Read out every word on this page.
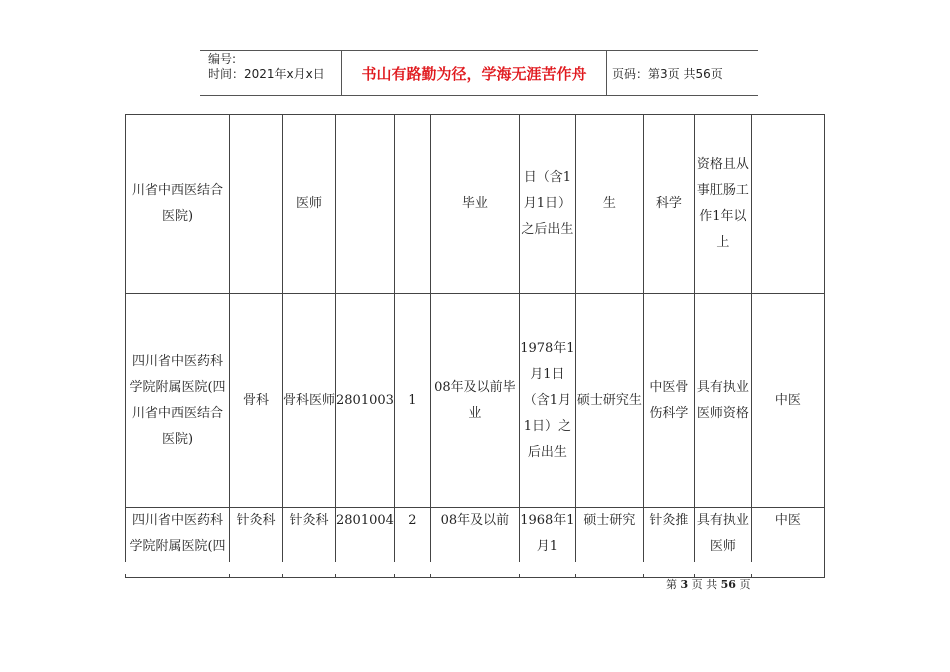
编号:
时间：2021年x月x日	书山有路勤为径，学海无涯苦作舟	页码：第3页 共56页
川省中西医结合医院)		医师			毕业	日（含1月1日）之后出生	生	科学	资格且从事肛肠工作1年以上	
四川省中医药科学院附属医院(四川省中西医结合医院)	骨科	骨科医师	2801003	1	08年及以前毕业	1978年1月1日（含1月1日）之后出生	硕士研究生	中医骨伤科学	具有执业医师资格	中医
四川省中医药科学院附属医院(四	针灸科	针灸科	2801004	2	08年及以前	1968年1月1	硕士研究	针灸推	具有执业医师	中医
第 3 页 共 56 页
